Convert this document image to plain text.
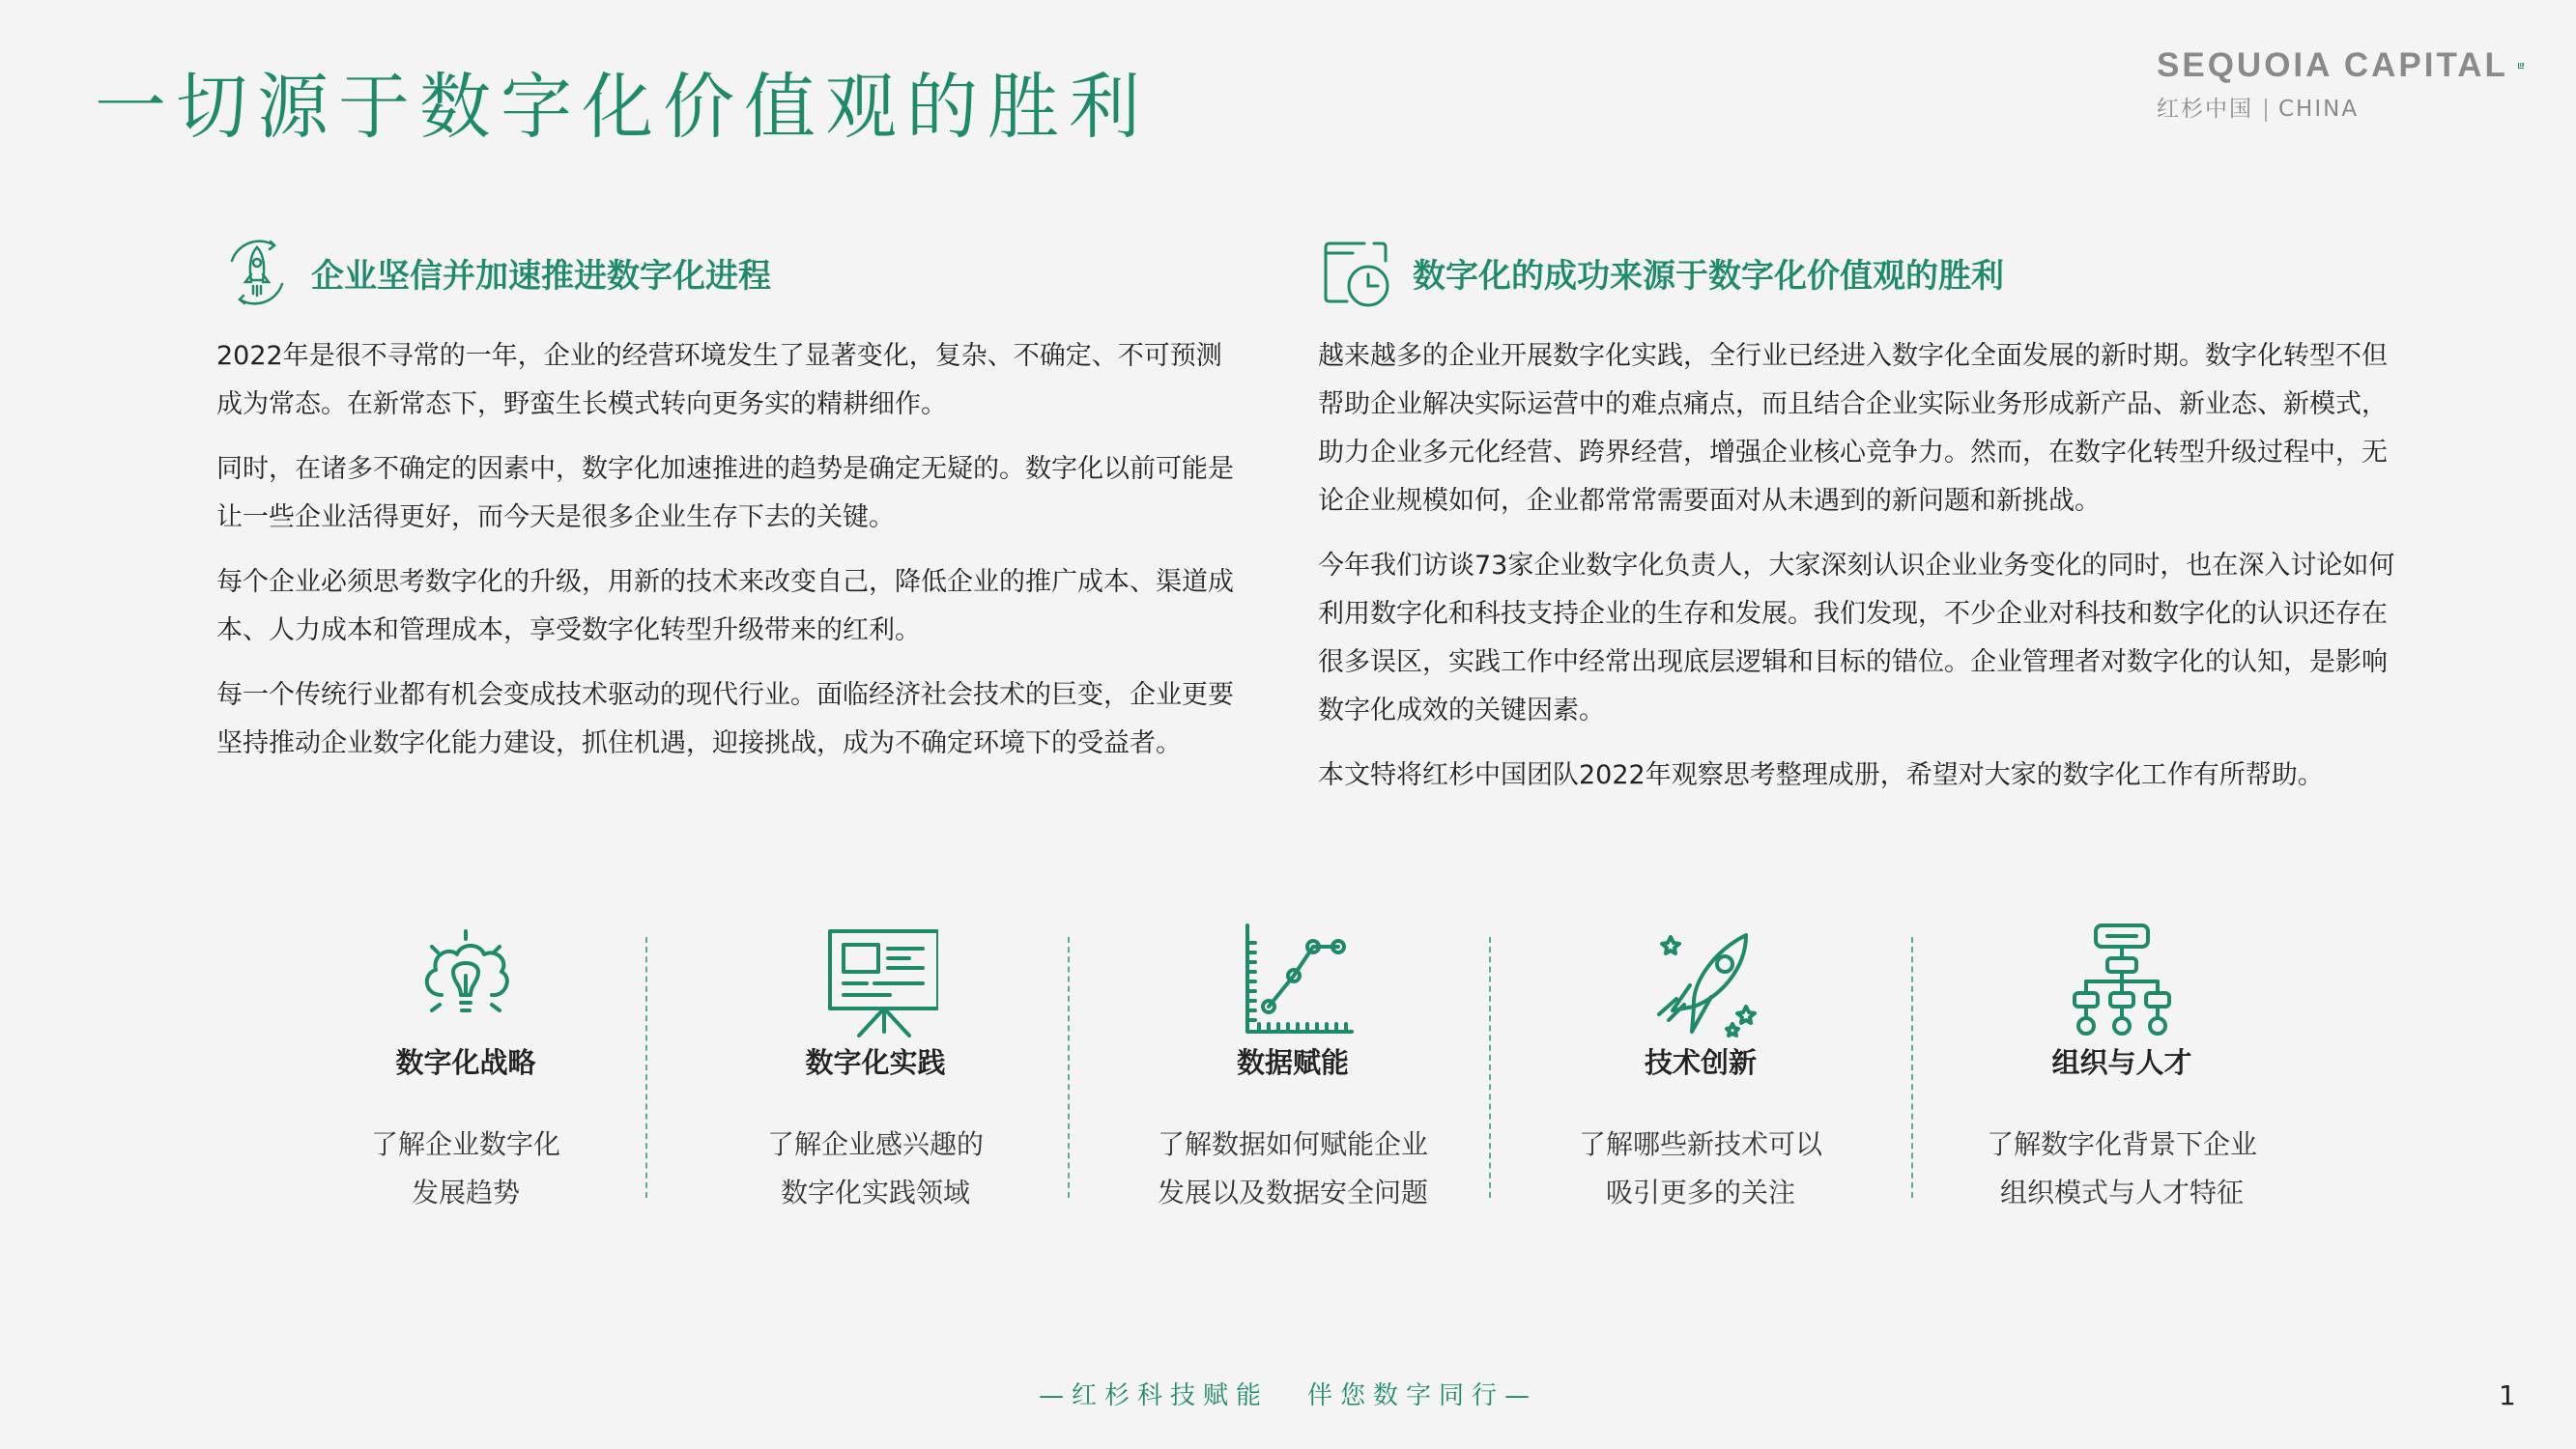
一切源于数字化价值观的胜利
SEQUOIA CAPITAL
红杉中国 CHINA
企业坚信并加速推进数字化进程

2022年是很不寻常的一年，企业的经营环境发生了显著变化，复杂、不确定、不可预测成为常态。在新常态下，野蛮生长模式转向更务实的精耕细作。

同时，在诸多不确定的因素中，数字化加速推进的趋势是确定无疑的。数字化以前可能是让一些企业活得更好，而今天是很多企业生存下去的关键。

每个企业必须思考数字化的升级，用新的技术来改变自己，降低企业的推广成本、渠道成本、人力成本和管理成本，享受数字化转型升级带来的红利。

每一个传统行业都有机会变成技术驱动的现代行业。面临经济社会技术的巨变，企业更要坚持推动企业数字化能力建设，抓住机遇，迎接挑战，成为不确定环境下的受益者。

数字化的成功来源于数字化价值观的胜利

越来越多的企业开展数字化实践，全行业已经进入数字化全面发展的新时期。数字化转型不但帮助企业解决实际运营中的难点痛点，而且结合企业实际业务形成新产品、新业态、新模式，助力企业多元化经营、跨界经营，增强企业核心竞争力。然而，在数字化转型升级过程中，无论企业规模如何，企业都常常需要面对从未遇到的新问题和新挑战。

今年我们访谈73家企业数字化负责人，大家深刻认识企业业务变化的同时，也在深入讨论如何利用数字化和科技支持企业的生存和发展。我们发现，不少企业对科技和数字化的认识还存在很多误区，实践工作中经常出现底层逻辑和目标的错位。企业管理者对数字化的认知，是影响数字化成效的关键因素。

本文特将红杉中国团队2022年观察思考整理成册，希望对大家的数字化工作有所帮助。

数字化战略
了解企业数字化
发展趋势
数字化实践
了解企业感兴趣的
数字化实践领域
数据赋能
了解数据如何赋能企业
发展以及数据安全问题
技术创新
了解哪些新技术可以
吸引更多的关注
组织与人才
了解数字化背景下企业
组织模式与人才特征
—红杉科技赋能 伴您数字同行—	1
